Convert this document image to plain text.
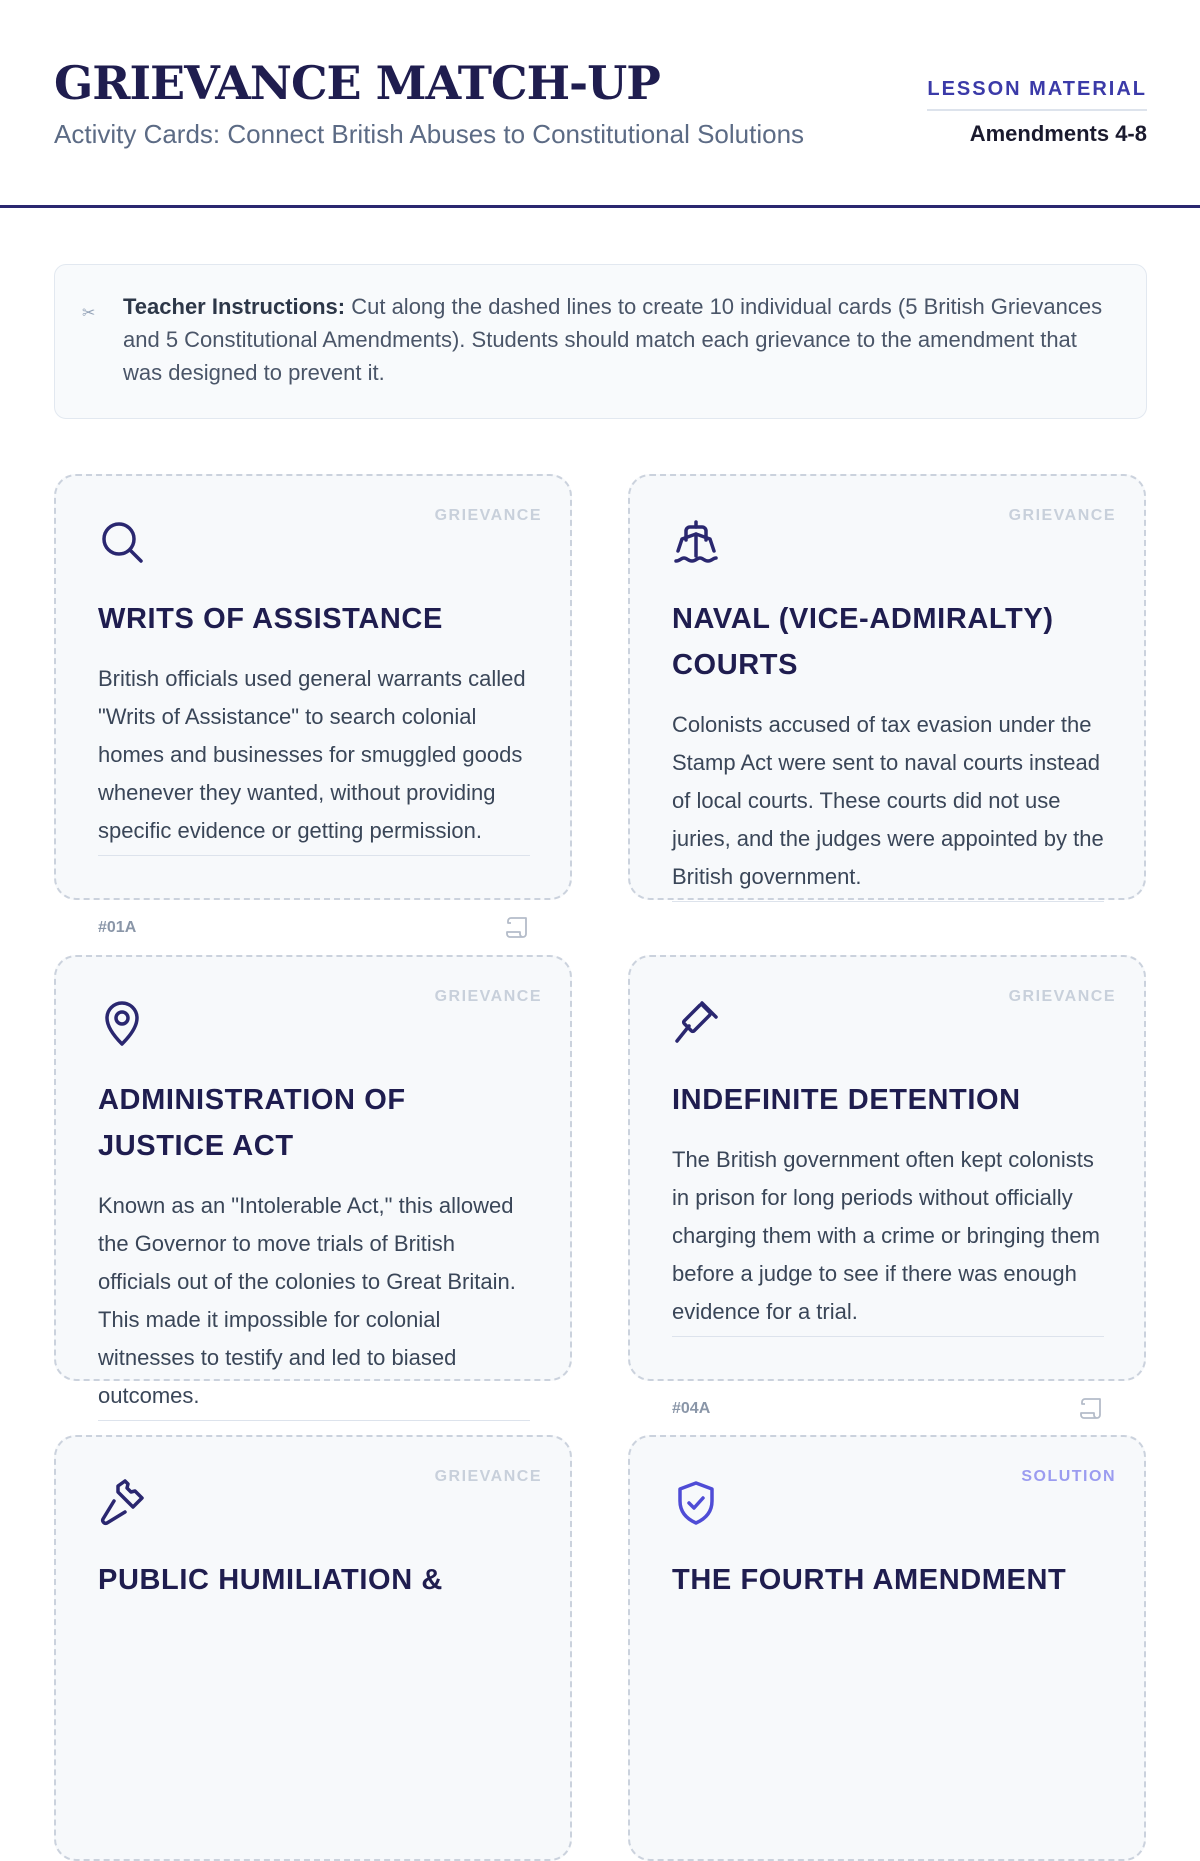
GRIEVANCE MATCH-UP
Activity Cards: Connect British Abuses to Constitutional Solutions
LESSON MATERIAL
Amendments 4-8
✂ Teacher Instructions: Cut along the dashed lines to create 10 individual cards (5 British Grievances and 5 Constitutional Amendments). Students should match each grievance to the amendment that was designed to prevent it.
GRIEVANCE
WRITS OF ASSISTANCE
British officials used general warrants called "Writs of Assistance" to search colonial homes and businesses for smuggled goods whenever they wanted, without providing specific evidence or getting permission.
#01A
GRIEVANCE
NAVAL (VICE-ADMIRALTY) COURTS
Colonists accused of tax evasion under the Stamp Act were sent to naval courts instead of local courts. These courts did not use juries, and the judges were appointed by the British government.
GRIEVANCE
ADMINISTRATION OF JUSTICE ACT
Known as an "Intolerable Act," this allowed the Governor to move trials of British officials out of the colonies to Great Britain. This made it impossible for colonial witnesses to testify and led to biased outcomes.
GRIEVANCE
INDEFINITE DETENTION
The British government often kept colonists in prison for long periods without officially charging them with a crime or bringing them before a judge to see if there was enough evidence for a trial.
#04A
GRIEVANCE
PUBLIC HUMILIATION &
SOLUTION
THE FOURTH AMENDMENT
